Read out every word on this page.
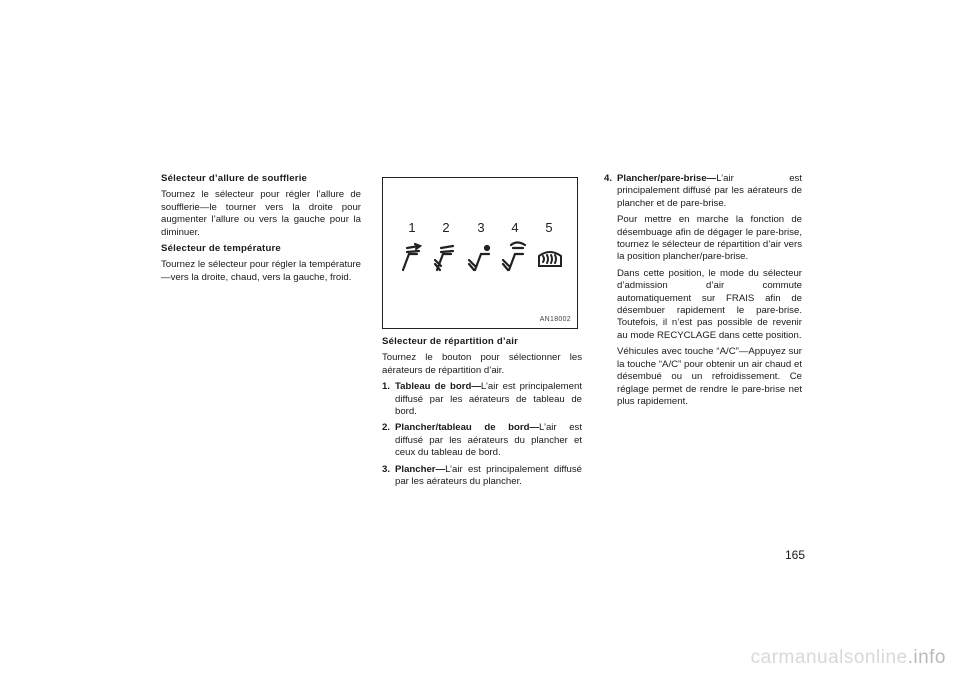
Sélecteur d’allure de soufflerie

Tournez le sélecteur pour régler l’allure de soufflerie—le tourner vers la droite pour augmenter l’allure ou vers la gauche pour la diminuer.

Sélecteur de température

Tournez le sélecteur pour régler la température—vers la droite, chaud, vers la gauche, froid.

1 2 3 4 5
AN18002
Sélecteur de répartition d’air

Tournez le bouton pour sélectionner les aérateurs de répartition d’air.

1. Tableau de bord—L’air est principalement diffusé par les aérateurs de tableau de bord.
2. Plancher/tableau de bord—L’air est diffusé par les aérateurs du plancher et ceux du tableau de bord.
3. Plancher—L’air est principalement diffusé par les aérateurs du plancher.
4. Plancher/pare-brise—L’air est principalement diffusé par les aérateurs de plancher et de pare-brise.

Pour mettre en marche la fonction de désembuage afin de dégager le pare-brise, tournez le sélecteur de répartition d’air vers la position plancher/pare-brise.

Dans cette position, le mode du sélecteur d’admission d’air commute automatiquement sur FRAIS afin de désembuer rapidement le pare-brise. Toutefois, il n’est pas possible de revenir au mode RECYCLAGE dans cette position.

Véhicules avec touche “A/C”—Appuyez sur la touche “A/C” pour obtenir un air chaud et désembué ou un refroidissement. Ce réglage permet de rendre le pare-brise net plus rapidement.

165
carmanualsonline.info
